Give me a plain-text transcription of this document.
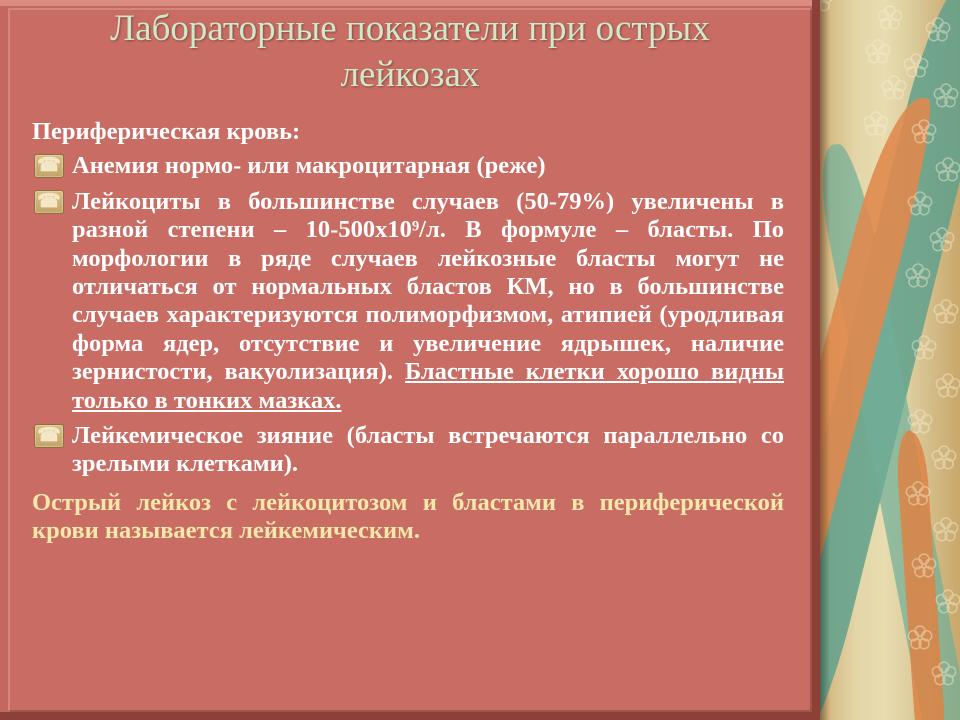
Лабораторные показатели при острых лейкозах

Периферическая кровь:

☎ Анемия нормо- или макроцитарная (реже)
☎ Лейкоциты в большинстве случаев (50-79%) увеличены в разной степени – 10-500х10⁹/л. В формуле – бласты. По морфологии в ряде случаев лейкозные бласты могут не отличаться от нормальных бластов КМ, но в большинстве случаев характеризуются полиморфизмом, атипией (уродливая форма ядер, отсутствие и увеличение ядрышек, наличие зернистости, вакуолизация). Бластные клетки хорошо видны только в тонких мазках.
☎ Лейкемическое зияние (бласты встречаются параллельно со зрелыми клетками).
Острый лейкоз с лейкоцитозом и бластами в периферической крови называется лейкемическим.
